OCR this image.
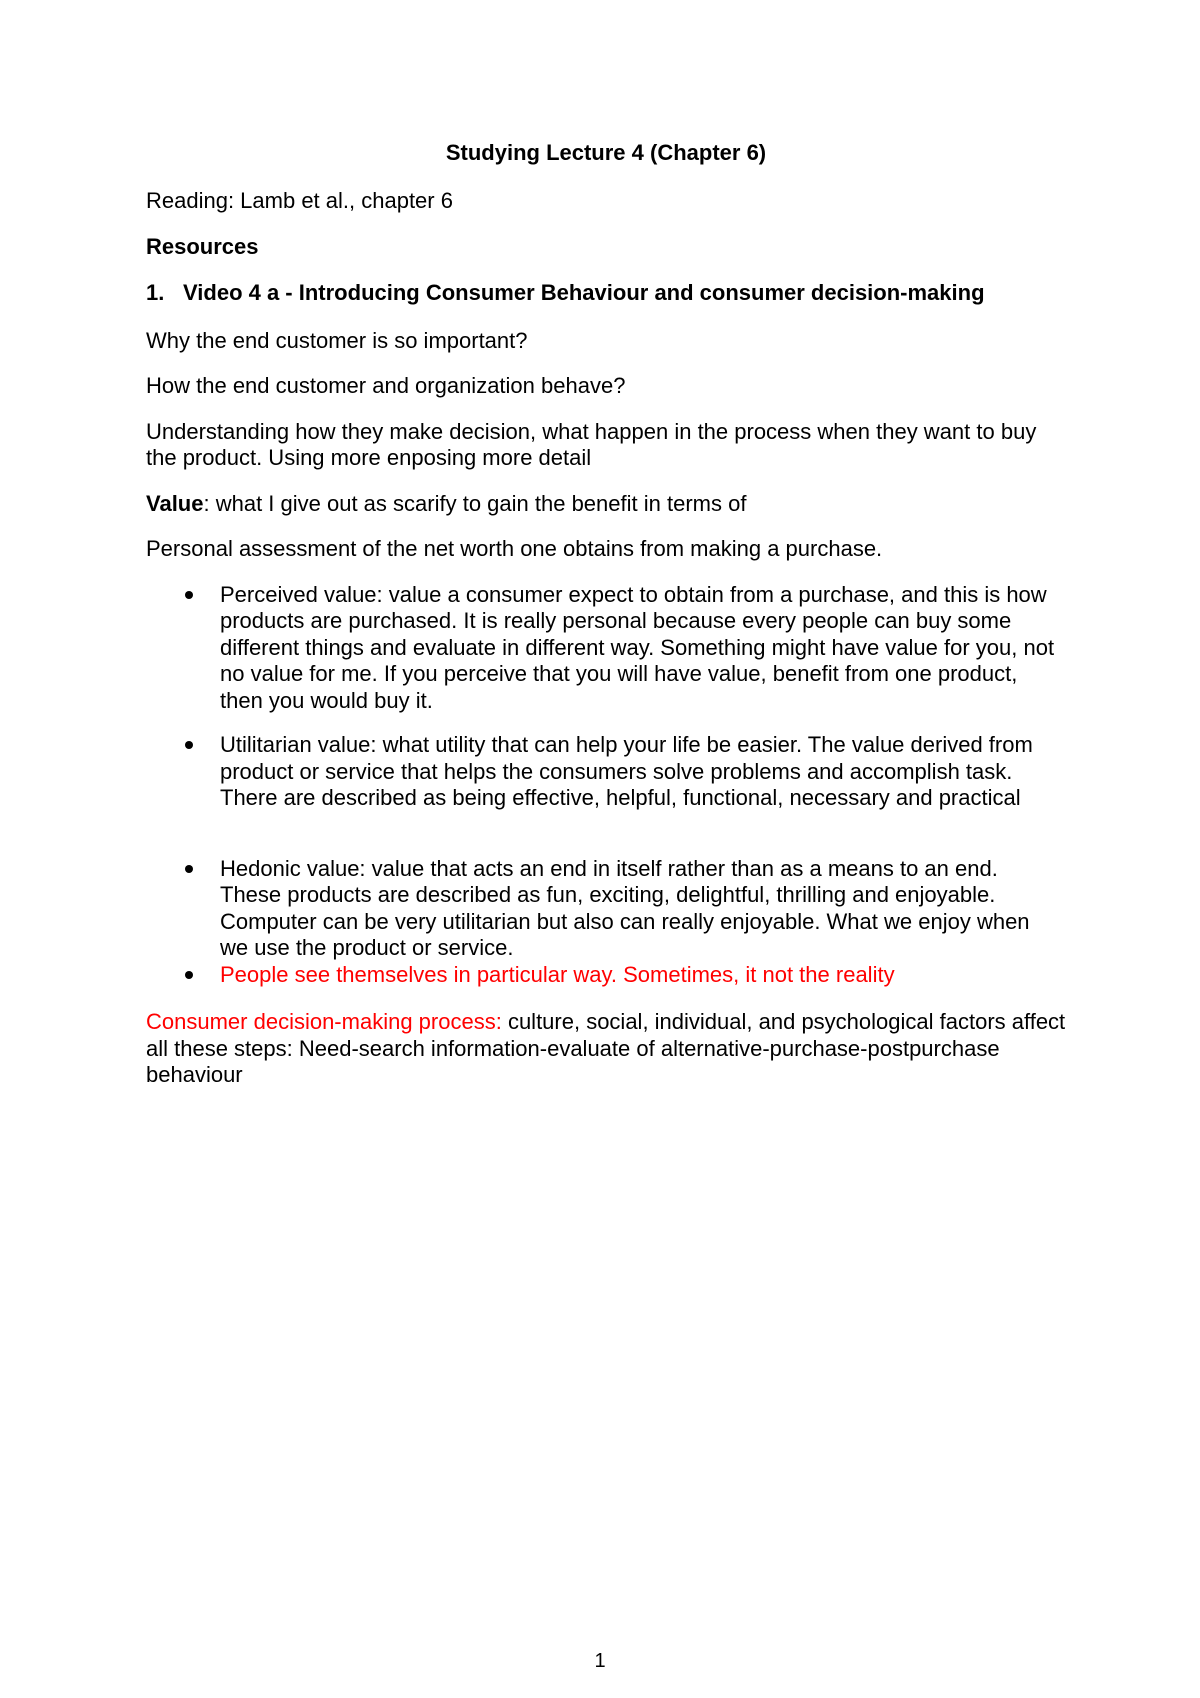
Studying Lecture 4 (Chapter 6)

Reading: Lamb et al., chapter 6

Resources
1. Video 4 a - Introducing Consumer Behaviour and consumer decision-making

Why the end customer is so important?

How the end customer and organization behave?

Understanding how they make decision, what happen in the process when they want to buy the product. Using more enposing more detail

Value: what I give out as scarify to gain the benefit in terms of

Personal assessment of the net worth one obtains from making a purchase.

Perceived value: value a consumer expect to obtain from a purchase, and this is how products are purchased. It is really personal because every people can buy some different things and evaluate in different way. Something might have value for you, not no value for me. If you perceive that you will have value, benefit from one product, then you would buy it.
Utilitarian value: what utility that can help your life be easier. The value derived from product or service that helps the consumers solve problems and accomplish task. There are described as being effective, helpful, functional, necessary and practical
Hedonic value: value that acts an end in itself rather than as a means to an end. These products are described as fun, exciting, delightful, thrilling and enjoyable. Computer can be very utilitarian but also can really enjoyable. What we enjoy when we use the product or service.
People see themselves in particular way. Sometimes, it not the reality

Consumer decision-making process: culture, social, individual, and psychological factors affect all these steps: Need-search information-evaluate of alternative-purchase-postpurchase behaviour

1
